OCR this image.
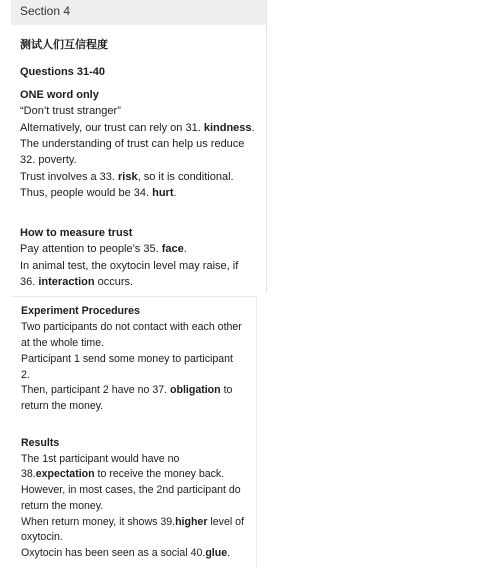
Section 4
测试人们互信程度
Questions 31-40
ONE word only
“Don’t trust stranger”
Alternatively, our trust can rely on 31. kindness.
The understanding of trust can help us reduce
32. poverty.
Trust involves a 33. risk, so it is conditional.
Thus, people would be 34. hurt.
How to measure trust
Pay attention to people’s 35. face.
In animal test, the oxytocin level may raise, if
36. interaction occurs.
Experiment Procedures
Two participants do not contact with each other
at the whole time.
Participant 1 send some money to participant
2.
Then, participant 2 have no 37. obligation to
return the money.
Results
The 1st participant would have no
38.expectation to receive the money back.
However, in most cases, the 2nd participant do
return the money.
When return money, it shows 39.higher level of
oxytocin.
Oxytocin has been seen as a social 40.glue.
